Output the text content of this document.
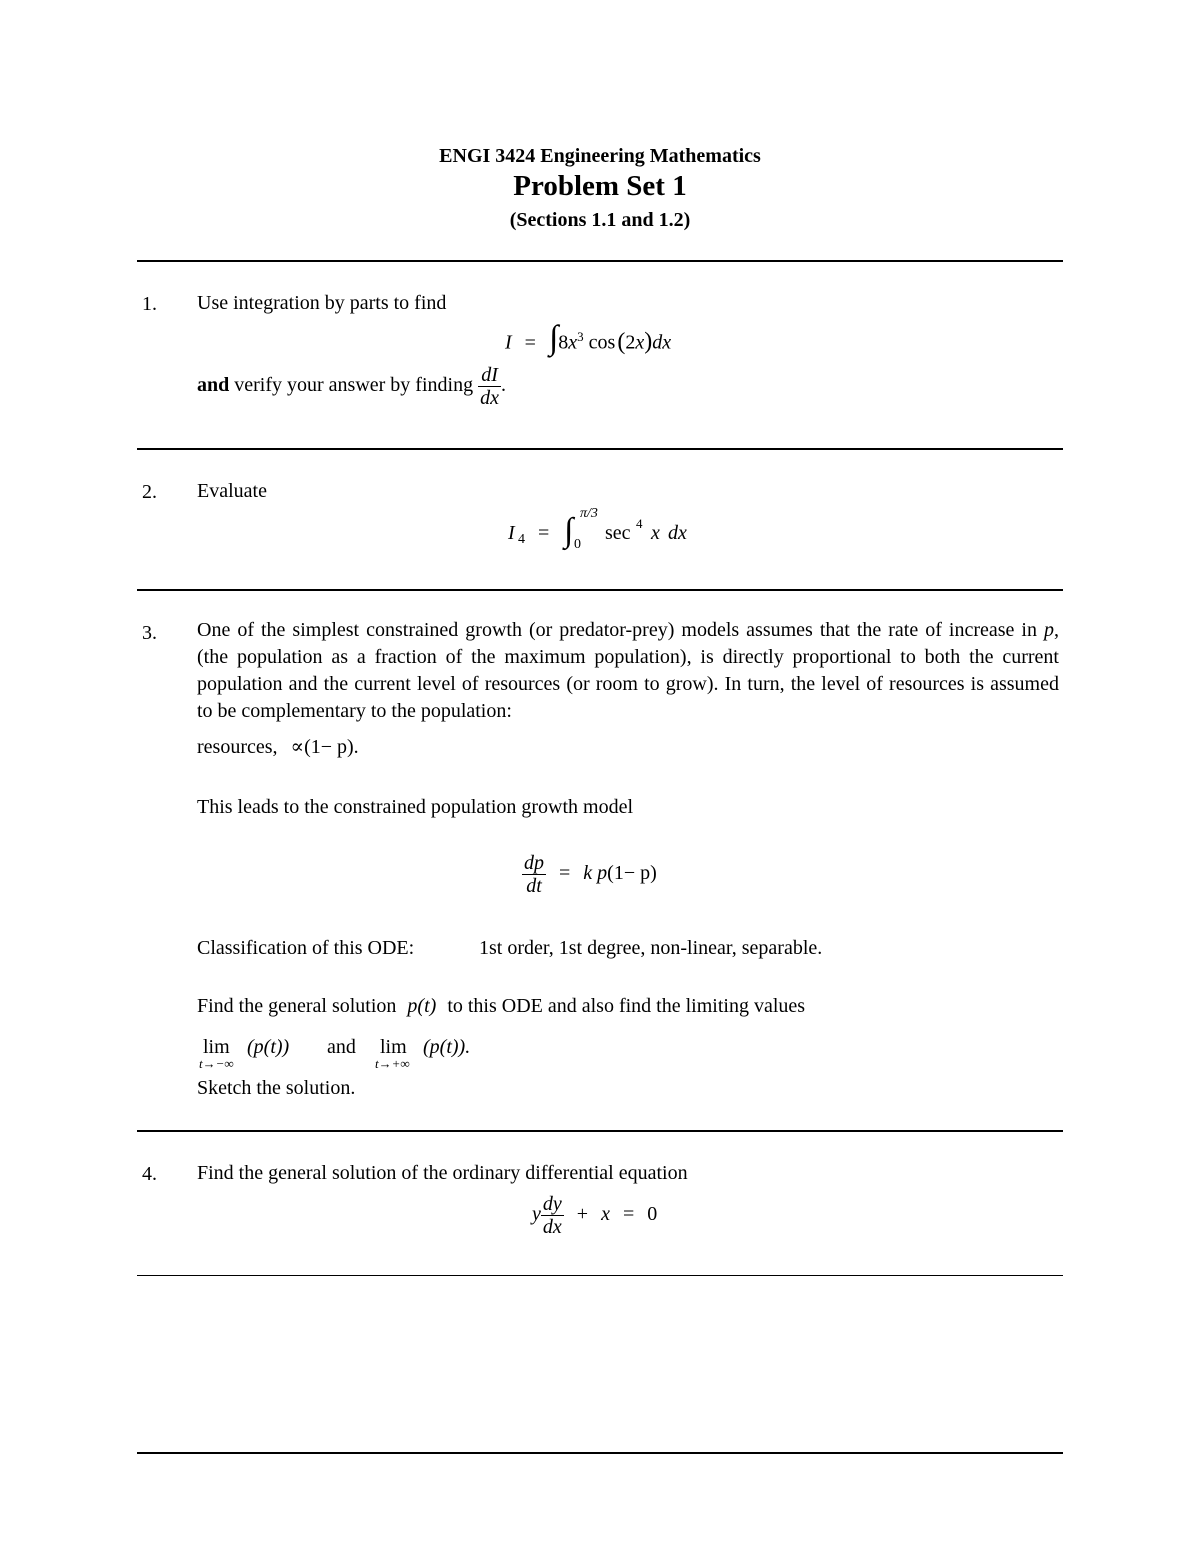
ENGI 3424 Engineering Mathematics
Problem Set 1
(Sections 1.1 and 1.2)
1. Use integration by parts to find
$I = \int 8x^3$ cos(2x)dx
and verify your answer by finding $\frac{dI}{dx}$ .
2. Evaluate
I 4 = ∫ π/3
0
sec 4 x dx
3. One of the simplest constrained growth (or predator-prey) models assumes that the rate of increase in p, (the population as a fraction of the maximum population), is directly proportional to both the current population and the current level of resources (or room to grow). In turn, the level of resources is assumed to be complementary to the population:
resources, ∝(1− p).
This leads to the constrained population growth model
$\frac{dp}{dt} = k$ p(1− p)
Classification of this ODE:	1st order, 1st degree, non-linear, separable.
Find the general solution p(t) to this ODE and also find the limiting values
lim
t→−∞
(p(t)) and lim
t→+∞
(p(t)).
Sketch the solution.
4. Find the general solution of the ordinary differential equation
y $\frac{dy}{dx} + x = 0$
